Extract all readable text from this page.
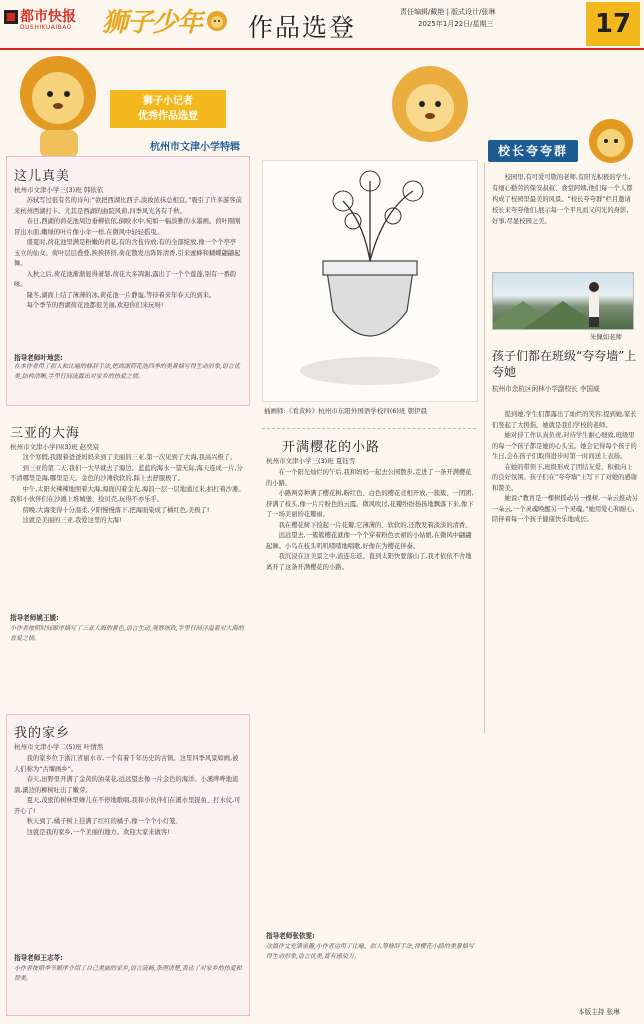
都市快报
DUSHIKUAIBAO 狮子少年 作品选登
责任编辑/戴艳 | 版式设计/张琳
2025年1月22日/星期三	17
狮子小记者
优秀作品选登
杭州市文津小学特辑
这儿真美
杭州市文津小学三(3)班 韩依依

苏轼写过很有名的诗句:“欲把西湖比西子,淡妆浓抹总相宜。”吸引了许多游客前来杭州西湖打卡。尤其是西湖的曲院风荷,四季风光各有千秋。

春日,西湖的荷花池周边垂柳依依,倒映水中,宛如一幅淡雅的水墨画。荷叶刚刚冒出水面,嫩绿的叶片像小伞一样,在微风中轻轻摇曳。

盛夏时,荷花池里满是粉嫩的荷花,有的含苞待放,有的全部绽放,像一个个亭亭玉立的仙女。荷叶层层叠叠,挨挨挤挤,荷花散发出阵阵清香,引来蜜蜂和蝴蝶翩翩起舞。

入秋之后,荷花池渐渐显得萧瑟,荷花大多凋谢,露出了一个个莲蓬,别有一番韵味。

隆冬,湖面上结了薄薄的冰,荷花池一片静谧,等待着来年春天的到来。

每个季节的西湖荷花池都很美丽,欢迎你们来玩呀!

指导老师叶地芸:
在本作者用了拟人和比喻的修辞手法,把西湖荷花池四季的美景描写得生动形象,语言优美,结构清晰,字里行间流露出对家乡的热爱之情。
三亚的大海
杭州市文津小学四(3)班 赵奕宸

这个寒假,我跟着爸爸妈妈来到了美丽的三亚,第一次见到了大海,我高兴极了。

到三亚的第二天,我们一大早就去了海边。蓝蓝的海水一望无际,海天连成一片,分不清哪里是海,哪里是天。金色的沙滩软软的,踩上去舒服极了。

中午,太阳火辣辣地照着大海,海面闪着金光,海浪一层一层地涌过来,拍打着沙滩。我和小伙伴们在沙滩上堆城堡、捡贝壳,玩得不亦乐乎。

傍晚,大海变得十分温柔,夕阳慢慢落下,把海面染成了橘红色,美极了!

这就是美丽的三亚,我爱这里的大海!

指导老师姚王媛:
小作者按照时间顺序描写了三亚大海的景色,语言生动,观察细致,字里行间洋溢着对大海的喜爱之情。
我的家乡
杭州市文津小学二(5)班 叶情然

我的家乡位于浙江省丽水市,一个有着千年历史的古镇。这里四季风景如画,被人们称为“古堰画乡”。

春天,田野里开满了金黄的油菜花,远远望去像一片金色的海洋。小溪哗哗地流淌,溪边的柳树吐出了嫩芽。

夏天,茂密的树林里蝉儿在不停地歌唱,我和小伙伴们在溪水里捉鱼、打水仗,可开心了!

秋天到了,橘子树上挂满了红红的橘子,像一个个小灯笼。

这就是我的家乡,一个美丽的地方。欢迎大家来做客!

指导老师王志苓:
小作者按照季节顺序介绍了自己美丽的家乡,语言流畅,条理清楚,表达了对家乡的热爱和赞美。
插画师:《看黄岭》杭州市东阳外国语学校四(6)班 朝伊晨
开满樱花的小路
杭州市文津小学三(3)班 夏钰雪

在一个阳光灿烂的午后,我和妈妈一起去公园散步,走进了一条开满樱花的小路。

小路两旁种满了樱花树,粉红色、白色的樱花竞相开放,一簇簇、一团团,挤满了枝头,像一片片粉色的云霞。微风吹过,花瓣纷纷扬扬地飘落下来,像下了一场美丽的花瓣雨。

我在樱花树下捡起一片花瓣,它薄薄的、软软的,还散发着淡淡的清香。

远远望去,一簇簇樱花就像一个个穿着粉色衣裙的小姑娘,在微风中翩翩起舞。小鸟在枝头叽叽喳喳地唱歌,好像在为樱花伴奏。

我沉浸在这美景之中,流连忘返。直到太阳快要落山了,我才依依不舍地离开了这条开满樱花的小路。

指导老师张依雯:
这篇作文充满童趣,小作者运用了比喻、拟人等修辞手法,将樱花小路的美景描写得生动形象,语言优美,富有感染力。
校长夸夸群
校园里,有可爱可敬的老师,有阳光积极的学生,有细心勤劳的保安叔叔、食堂阿姨,他们每一个人都构成了校园里最美的风景。“校长夸夸群”栏目邀请校长来夸夸他们,展示每一个平凡而又闪光的身影,好事,尽显校园之美。
朱佩如老师
孩子们都在班级“夸夸墙”上夸她
杭州市余杭区闲林小学副校长 李国威

提到她,学生们都露出了灿烂的笑容;提到她,家长们竖起了大拇指。她就是我们学校的老师。

她对待工作认真负责,对待学生耐心细致,班级里的每一个孩子都是她的心头宝。她会记得每个孩子的生日,会在孩子们取得进步时第一时间送上表扬。

在她的带领下,班级形成了团结友爱、积极向上的良好氛围。孩子们在“夸夸墙”上写下了对她的感谢和赞美。

她说:“教育是一棵树摇动另一棵树,一朵云推动另一朵云,一个灵魂唤醒另一个灵魂。”她用爱心和耐心,陪伴着每一个孩子健康快乐地成长。

本版主持 张琳
